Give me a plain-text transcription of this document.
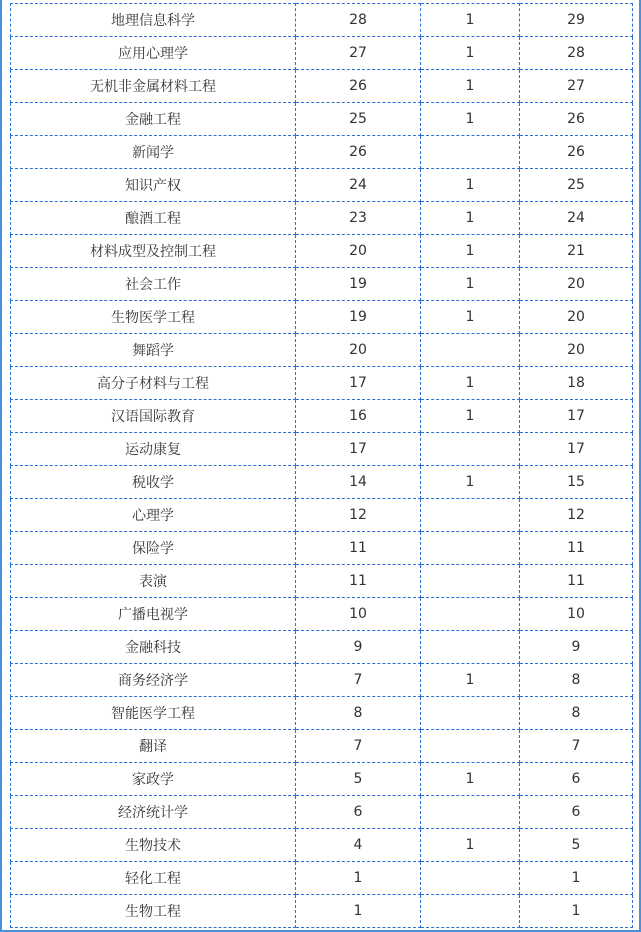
地理信息科学	28	1	29
应用心理学	27	1	28
无机非金属材料工程	26	1	27
金融工程	25	1	26
新闻学	26		26
知识产权	24	1	25
酿酒工程	23	1	24
材料成型及控制工程	20	1	21
社会工作	19	1	20
生物医学工程	19	1	20
舞蹈学	20		20
高分子材料与工程	17	1	18
汉语国际教育	16	1	17
运动康复	17		17
税收学	14	1	15
心理学	12		12
保险学	11		11
表演	11		11
广播电视学	10		10
金融科技	9		9
商务经济学	7	1	8
智能医学工程	8		8
翻译	7		7
家政学	5	1	6
经济统计学	6		6
生物技术	4	1	5
轻化工程	1		1
生物工程	1		1
